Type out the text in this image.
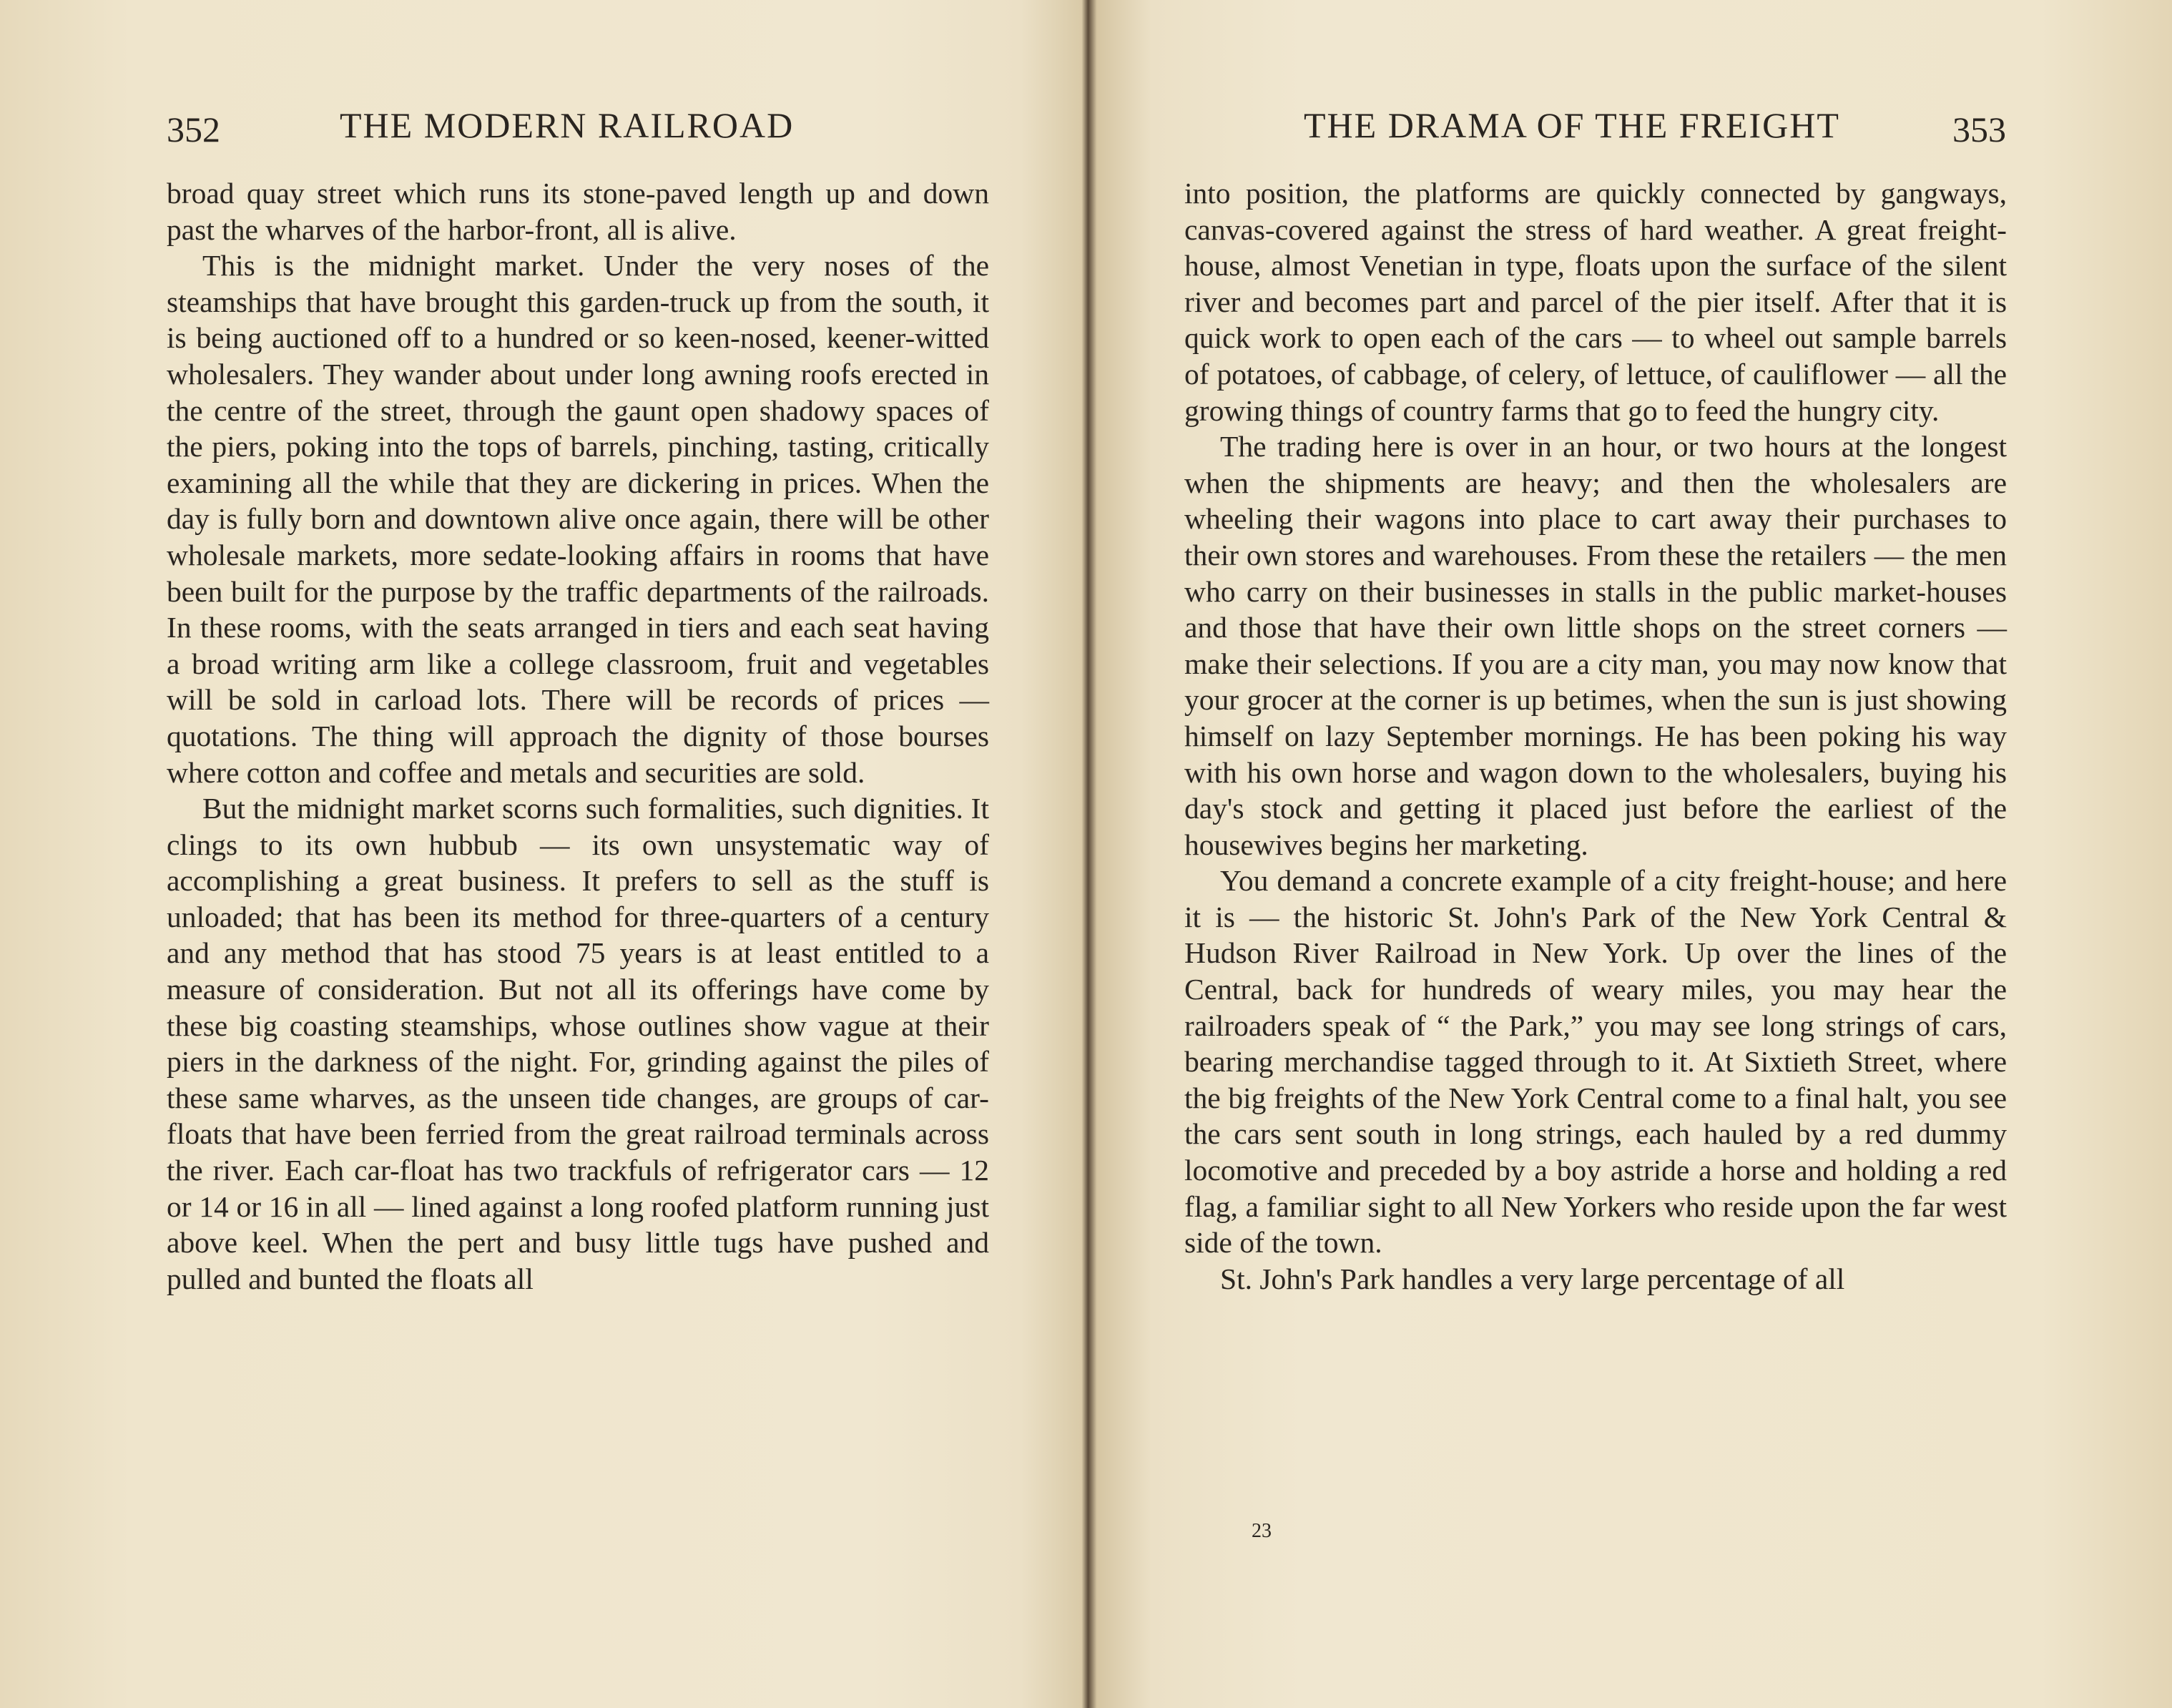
352	THE MODERN RAILROAD

broad quay street which runs its stone-paved length up and down past the wharves of the harbor-front, all is alive.

This is the midnight market. Under the very noses of the steamships that have brought this garden-truck up from the south, it is being auctioned off to a hundred or so keen-nosed, keener-witted wholesalers. They wander about under long awning roofs erected in the centre of the street, through the gaunt open shadowy spaces of the piers, poking into the tops of barrels, pinching, tasting, critically examining all the while that they are dickering in prices. When the day is fully born and downtown alive once again, there will be other wholesale markets, more sedate-looking affairs in rooms that have been built for the purpose by the traffic departments of the railroads. In these rooms, with the seats arranged in tiers and each seat having a broad writing arm like a college classroom, fruit and vegetables will be sold in carload lots. There will be records of prices — quotations. The thing will approach the dignity of those bourses where cotton and coffee and metals and securities are sold.

But the midnight market scorns such formalities, such dignities. It clings to its own hubbub — its own unsystematic way of accomplishing a great business. It prefers to sell as the stuff is unloaded; that has been its method for three-quarters of a century and any method that has stood 75 years is at least entitled to a measure of consideration. But not all its offerings have come by these big coasting steamships, whose outlines show vague at their piers in the darkness of the night. For, grinding against the piles of these same wharves, as the unseen tide changes, are groups of car-floats that have been ferried from the great railroad terminals across the river. Each car-float has two trackfuls of refrigerator cars — 12 or 14 or 16 in all — lined against a long roofed platform running just above keel. When the pert and busy little tugs have pushed and pulled and bunted the floats all

THE DRAMA OF THE FREIGHT	353

into position, the platforms are quickly connected by gangways, canvas-covered against the stress of hard weather. A great freight-house, almost Venetian in type, floats upon the surface of the silent river and becomes part and parcel of the pier itself. After that it is quick work to open each of the cars — to wheel out sample barrels of potatoes, of cabbage, of celery, of lettuce, of cauliflower — all the growing things of country farms that go to feed the hungry city.

The trading here is over in an hour, or two hours at the longest when the shipments are heavy; and then the wholesalers are wheeling their wagons into place to cart away their purchases to their own stores and warehouses. From these the retailers — the men who carry on their businesses in stalls in the public market-houses and those that have their own little shops on the street corners — make their selections. If you are a city man, you may now know that your grocer at the corner is up betimes, when the sun is just showing himself on lazy September mornings. He has been poking his way with his own horse and wagon down to the wholesalers, buying his day's stock and getting it placed just before the earliest of the housewives begins her marketing.

You demand a concrete example of a city freight-house; and here it is — the historic St. John's Park of the New York Central & Hudson River Railroad in New York. Up over the lines of the Central, back for hundreds of weary miles, you may hear the railroaders speak of “ the Park,” you may see long strings of cars, bearing merchandise tagged through to it. At Sixtieth Street, where the big freights of the New York Central come to a final halt, you see the cars sent south in long strings, each hauled by a red dummy locomotive and preceded by a boy astride a horse and holding a red flag, a familiar sight to all New Yorkers who reside upon the far west side of the town.

St. John's Park handles a very large percentage of all

23
